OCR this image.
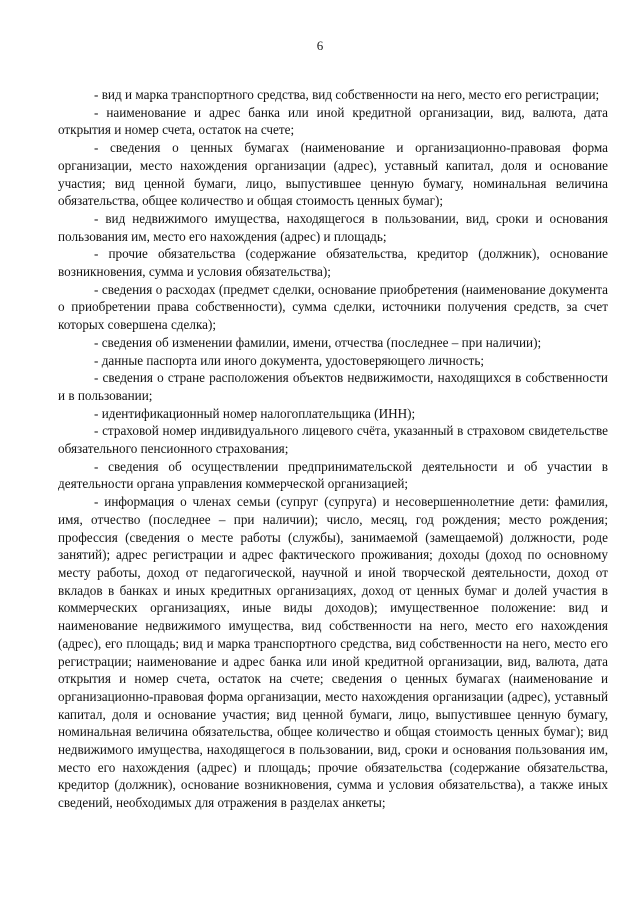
6

- вид и марка транспортного средства, вид собственности на него, место его регистрации;

- наименование и адрес банка или иной кредитной организации, вид, валюта, дата открытия и номер счета, остаток на счете;

- сведения о ценных бумагах (наименование и организационно-правовая форма организации, место нахождения организации (адрес), уставный капитал, доля и основание участия; вид ценной бумаги, лицо, выпустившее ценную бумагу, номинальная величина обязательства, общее количество и общая стоимость ценных бумаг);

- вид недвижимого имущества, находящегося в пользовании, вид, сроки и основания пользования им, место его нахождения (адрес) и площадь;

- прочие обязательства (содержание обязательства, кредитор (должник), основание возникновения, сумма и условия обязательства);

- сведения о расходах (предмет сделки, основание приобретения (наименование документа о приобретении права собственности), сумма сделки, источники получения средств, за счет которых совершена сделка);

- сведения об изменении фамилии, имени, отчества (последнее – при наличии);

- данные паспорта или иного документа, удостоверяющего личность;

- сведения о стране расположения объектов недвижимости, находящихся в собственности и в пользовании;

- идентификационный номер налогоплательщика (ИНН);

- страховой номер индивидуального лицевого счёта, указанный в страховом свидетельстве обязательного пенсионного страхования;

- сведения об осуществлении предпринимательской деятельности и об участии в деятельности органа управления коммерческой организацией;

- информация о членах семьи (супруг (супруга) и несовершеннолетние дети: фамилия, имя, отчество (последнее – при наличии); число, месяц, год рождения; место рождения; профессия (сведения о месте работы (службы), занимаемой (замещаемой) должности, роде занятий); адрес регистрации и адрес фактического проживания; доходы (доход по основному месту работы, доход от педагогической, научной и иной творческой деятельности, доход от вкладов в банках и иных кредитных организациях, доход от ценных бумаг и долей участия в коммерческих организациях, иные виды доходов); имущественное положение: вид и наименование недвижимого имущества, вид собственности на него, место его нахождения (адрес), его площадь; вид и марка транспортного средства, вид собственности на него, место его регистрации; наименование и адрес банка или иной кредитной организации, вид, валюта, дата открытия и номер счета, остаток на счете; сведения о ценных бумагах (наименование и организационно-правовая форма организации, место нахождения организации (адрес), уставный капитал, доля и основание участия; вид ценной бумаги, лицо, выпустившее ценную бумагу, номинальная величина обязательства, общее количество и общая стоимость ценных бумаг); вид недвижимого имущества, находящегося в пользовании, вид, сроки и основания пользования им, место его нахождения (адрес) и площадь; прочие обязательства (содержание обязательства, кредитор (должник), основание возникновения, сумма и условия обязательства), а также иных сведений, необходимых для отражения в разделах анкеты;
